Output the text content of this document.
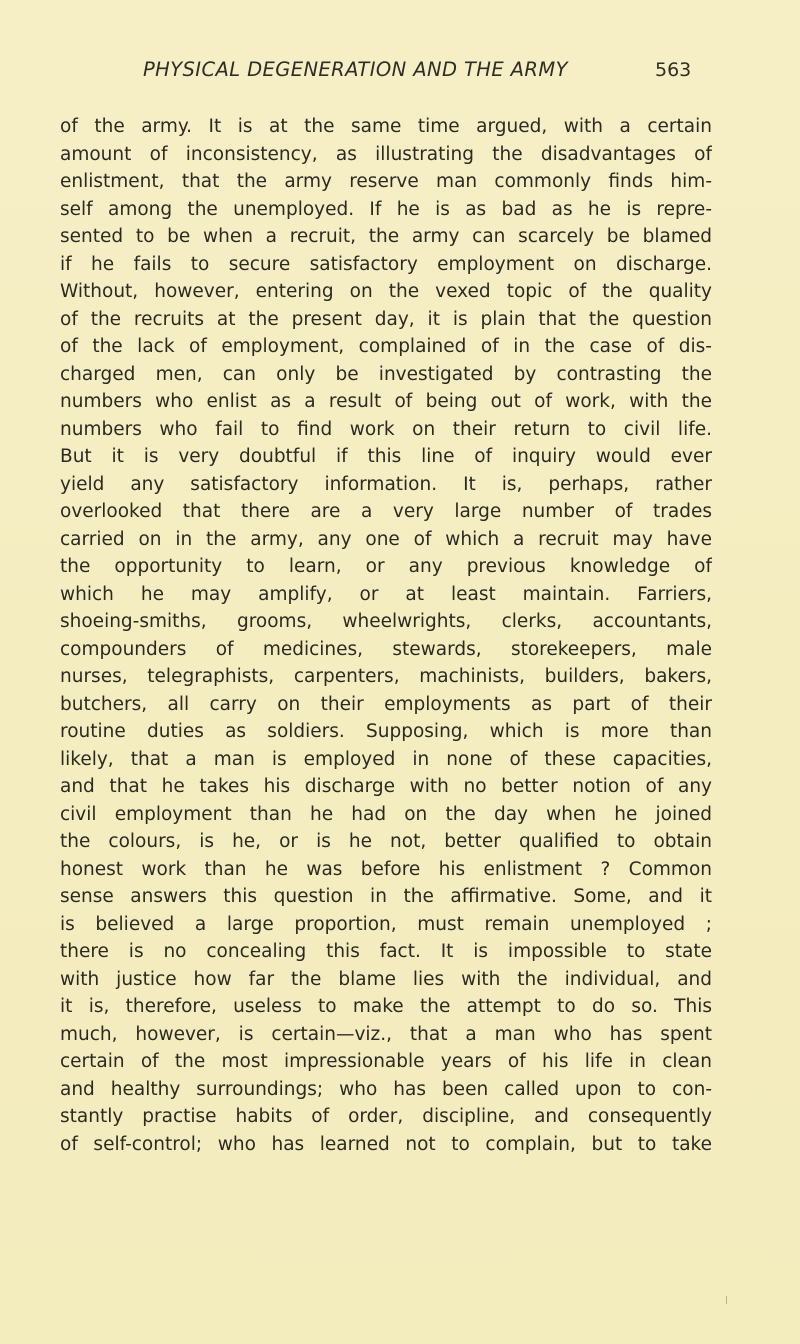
PHYSICAL DEGENERATION AND THE ARMY	563
of the army. It is at the same time argued, with a certain
amount of inconsistency, as illustrating the disadvantages of
enlistment, that the army reserve man commonly finds him-
self among the unemployed. If he is as bad as he is repre-
sented to be when a recruit, the army can scarcely be blamed
if he fails to secure satisfactory employment on discharge.
Without, however, entering on the vexed topic of the quality
of the recruits at the present day, it is plain that the question
of the lack of employment, complained of in the case of dis-
charged men, can only be investigated by contrasting the
numbers who enlist as a result of being out of work, with the
numbers who fail to find work on their return to civil life.
But it is very doubtful if this line of inquiry would ever
yield any satisfactory information. It is, perhaps, rather
overlooked that there are a very large number of trades
carried on in the army, any one of which a recruit may have
the opportunity to learn, or any previous knowledge of
which he may amplify, or at least maintain. Farriers,
shoeing-smiths, grooms, wheelwrights, clerks, accountants,
compounders of medicines, stewards, storekeepers, male
nurses, telegraphists, carpenters, machinists, builders, bakers,
butchers, all carry on their employments as part of their
routine duties as soldiers. Supposing, which is more than
likely, that a man is employed in none of these capacities,
and that he takes his discharge with no better notion of any
civil employment than he had on the day when he joined
the colours, is he, or is he not, better qualified to obtain
honest work than he was before his enlistment ? Common
sense answers this question in the affirmative. Some, and it
is believed a large proportion, must remain unemployed ;
there is no concealing this fact. It is impossible to state
with justice how far the blame lies with the individual, and
it is, therefore, useless to make the attempt to do so. This
much, however, is certain—viz., that a man who has spent
certain of the most impressionable years of his life in clean
and healthy surroundings; who has been called upon to con-
stantly practise habits of order, discipline, and consequently
of self-control; who has learned not to complain, but to take
